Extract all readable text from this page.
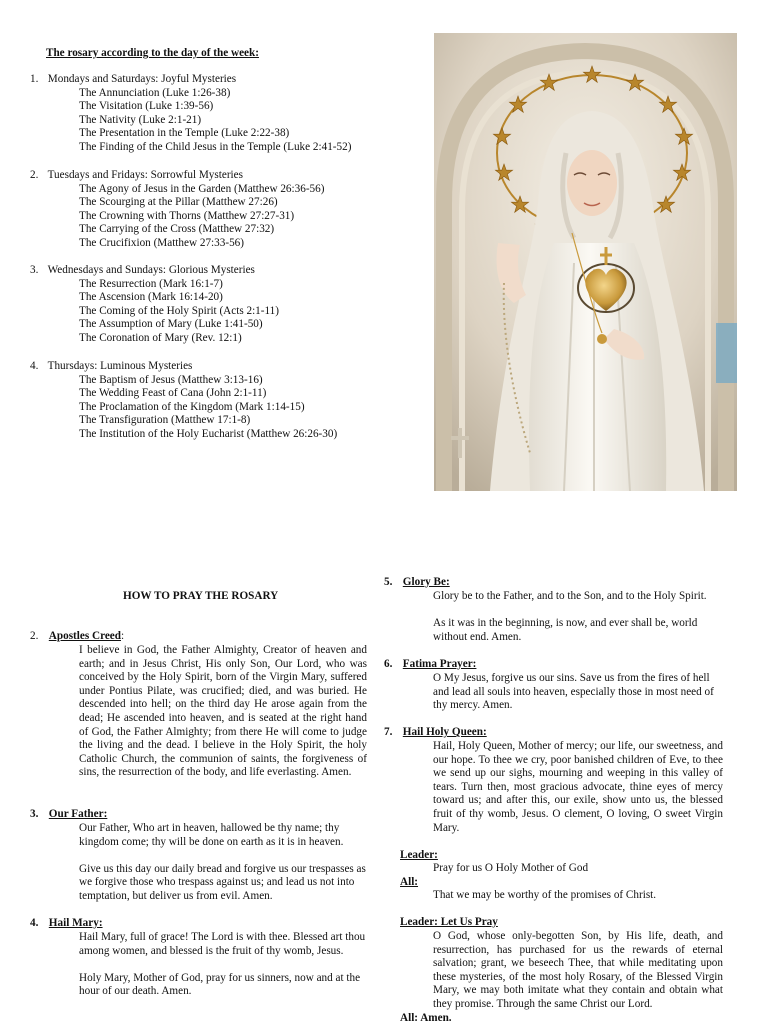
The rosary according to the day of the week:
1. Mondays and Saturdays: Joyful Mysteries
The Annunciation (Luke 1:26-38)
The Visitation (Luke 1:39-56)
The Nativity (Luke 2:1-21)
The Presentation in the Temple (Luke 2:22-38)
The Finding of the Child Jesus in the Temple (Luke 2:41-52)
2. Tuesdays and Fridays: Sorrowful Mysteries
The Agony of Jesus in the Garden (Matthew 26:36-56)
The Scourging at the Pillar (Matthew 27:26)
The Crowning with Thorns (Matthew 27:27-31)
The Carrying of the Cross (Matthew 27:32)
The Crucifixion (Matthew 27:33-56)
3. Wednesdays and Sundays: Glorious Mysteries
The Resurrection (Mark 16:1-7)
The Ascension (Mark 16:14-20)
The Coming of the Holy Spirit (Acts 2:1-11)
The Assumption of Mary (Luke 1:41-50)
The Coronation of Mary (Rev. 12:1)
4. Thursdays: Luminous Mysteries
The Baptism of Jesus (Matthew 3:13-16)
The Wedding Feast of Cana (John 2:1-11)
The Proclamation of the Kingdom (Mark 1:14-15)
The Transfiguration (Matthew 17:1-8)
The Institution of the Holy Eucharist (Matthew 26:26-30)
HOW TO PRAY THE ROSARY
2. Apostles Creed:

I believe in God, the Father Almighty, Creator of heaven and earth; and in Jesus Christ, His only Son, Our Lord, who was conceived by the Holy Spirit, born of the Virgin Mary, suffered under Pontius Pilate, was crucified; died, and was buried. He descended into hell; on the third day He arose again from the dead; He ascended into heaven, and is seated at the right hand of God, the Father Almighty; from there He will come to judge the living and the dead. I believe in the Holy Spirit, the holy Catholic Church, the communion of saints, the forgiveness of sins, the resurrection of the body, and life everlasting. Amen.

3. Our Father:

Our Father, Who art in heaven, hallowed be thy name; thy kingdom come; thy will be done on earth as it is in heaven.

Give us this day our daily bread and forgive us our trespasses as we forgive those who trespass against us; and lead us not into temptation, but deliver us from evil. Amen.

4. Hail Mary:

Hail Mary, full of grace! The Lord is with thee. Blessed art thou among women, and blessed is the fruit of thy womb, Jesus.

Holy Mary, Mother of God, pray for us sinners, now and at the hour of our death. Amen.

5. Glory Be:

Glory be to the Father, and to the Son, and to the Holy Spirit.

As it was in the beginning, is now, and ever shall be, world without end. Amen.

6. Fatima Prayer:

O My Jesus, forgive us our sins. Save us from the fires of hell and lead all souls into heaven, especially those in most need of thy mercy. Amen.

7. Hail Holy Queen:

Hail, Holy Queen, Mother of mercy; our life, our sweetness, and our hope. To thee we cry, poor banished children of Eve, to thee we send up our sighs, mourning and weeping in this valley of tears. Turn then, most gracious advocate, thine eyes of mercy toward us; and after this, our exile, show unto us, the blessed fruit of thy womb, Jesus. O clement, O loving, O sweet Virgin Mary.

Leader:

Pray for us O Holy Mother of God

All:

That we may be worthy of the promises of Christ.

Leader: Let Us Pray

O God, whose only-begotten Son, by His life, death, and resurrection, has purchased for us the rewards of eternal salvation; grant, we beseech Thee, that while meditating upon these mysteries, of the most holy Rosary, of the Blessed Virgin Mary, we may both imitate what they contain and obtain what they promise. Through the same Christ our Lord.

All: Amen.
